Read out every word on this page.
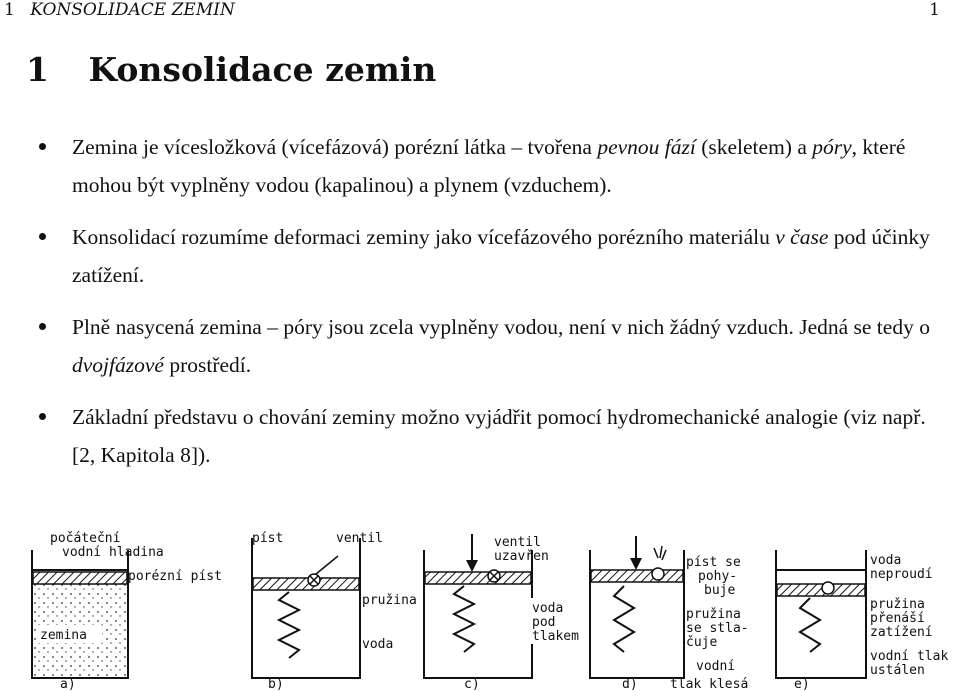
1 KONSOLIDACE ZEMIN	1
1 Konsolidace zemin
Zemina je vícesložková (vícefázová) porézní látka – tvořena pevnou fází (skeletem) a póry, které mohou být vyplněny vodou (kapalinou) a plynem (vzduchem).
Konsolidací rozumíme deformaci zeminy jako vícefázového porézního materiálu v čase pod účinky zatížení.
Plně nasycená zemina – póry jsou zcela vyplněny vodou, není v nich žádný vzduch. Jedná se tedy o dvojfázové prostředí.
Základní představu o chování zeminy možno vyjádřit pomocí hydromechanické analogie (viz např. [2, Kapitola 8]).
počáteční
vodní hladina
porézní píst
zemina
a)
píst	ventil
pružina
voda
b)
ventil
uzavřen
voda
pod
tlakem
c)
píst se
pohy-
buje
pružina
se stla-
čuje
vodní
tlak klesá
d)
voda
neproudí
pružina
přenáší
zatížení
vodní tlak
ustálen
e)
